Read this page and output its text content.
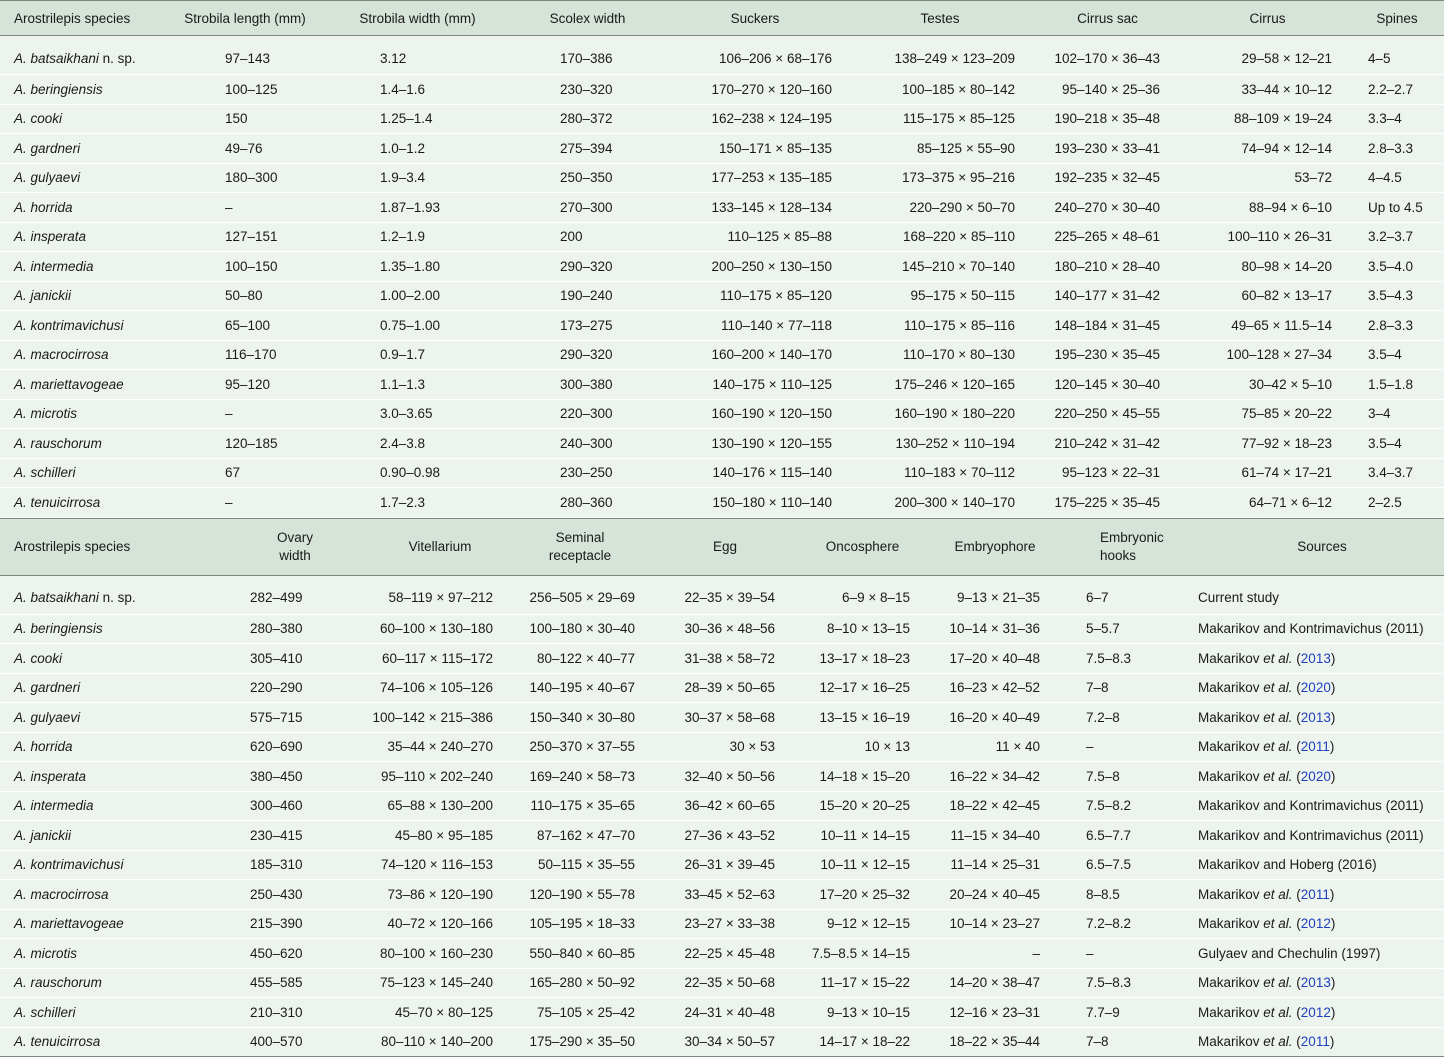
Arostrilepis species	Strobila length (mm)	Strobila width (mm)	Scolex width	Suckers	Testes	Cirrus sac	Cirrus	Spines
A. batsaikhani n. sp.	97–143	3.12	170–386	106–206 × 68–176	138–249 × 123–209	102–170 × 36–43	29–58 × 12–21	4–5
A. beringiensis	100–125	1.4–1.6	230–320	170–270 × 120–160	100–185 × 80–142	95–140 × 25–36	33–44 × 10–12	2.2–2.7
A. cooki	150	1.25–1.4	280–372	162–238 × 124–195	115–175 × 85–125	190–218 × 35–48	88–109 × 19–24	3.3–4
A. gardneri	49–76	1.0–1.2	275–394	150–171 × 85–135	85–125 × 55–90	193–230 × 33–41	74–94 × 12–14	2.8–3.3
A. gulyaevi	180–300	1.9–3.4	250–350	177–253 × 135–185	173–375 × 95–216	192–235 × 32–45	53–72	4–4.5
A. horrida	–	1.87–1.93	270–300	133–145 × 128–134	220–290 × 50–70	240–270 × 30–40	88–94 × 6–10	Up to 4.5
A. insperata	127–151	1.2–1.9	200	110–125 × 85–88	168–220 × 85–110	225–265 × 48–61	100–110 × 26–31	3.2–3.7
A. intermedia	100–150	1.35–1.80	290–320	200–250 × 130–150	145–210 × 70–140	180–210 × 28–40	80–98 × 14–20	3.5–4.0
A. janickii	50–80	1.00–2.00	190–240	110–175 × 85–120	95–175 × 50–115	140–177 × 31–42	60–82 × 13–17	3.5–4.3
A. kontrimavichusi	65–100	0.75–1.00	173–275	110–140 × 77–118	110–175 × 85–116	148–184 × 31–45	49–65 × 11.5–14	2.8–3.3
A. macrocirrosa	116–170	0.9–1.7	290–320	160–200 × 140–170	110–170 × 80–130	195–230 × 35–45	100–128 × 27–34	3.5–4
A. mariettavogeae	95–120	1.1–1.3	300–380	140–175 × 110–125	175–246 × 120–165	120–145 × 30–40	30–42 × 5–10	1.5–1.8
A. microtis	–	3.0–3.65	220–300	160–190 × 120–150	160–190 × 180–220	220–250 × 45–55	75–85 × 20–22	3–4
A. rauschorum	120–185	2.4–3.8	240–300	130–190 × 120–155	130–252 × 110–194	210–242 × 31–42	77–92 × 18–23	3.5–4
A. schilleri	67	0.90–0.98	230–250	140–176 × 115–140	110–183 × 70–112	95–123 × 22–31	61–74 × 17–21	3.4–3.7
A. tenuicirrosa	–	1.7–2.3	280–360	150–180 × 110–140	200–300 × 140–170	175–225 × 35–45	64–71 × 6–12	2–2.5
Arostrilepis species	Ovary width	Vitellarium	Seminal receptacle	Egg	Oncosphere	Embryophore	Embryonic hooks	Sources
A. batsaikhani n. sp.	282–499	58–119 × 97–212	256–505 × 29–69	22–35 × 39–54	6–9 × 8–15	9–13 × 21–35	6–7	Current study
A. beringiensis	280–380	60–100 × 130–180	100–180 × 30–40	30–36 × 48–56	8–10 × 13–15	10–14 × 31–36	5–5.7	Makarikov and Kontrimavichus (2011)
A. cooki	305–410	60–117 × 115–172	80–122 × 40–77	31–38 × 58–72	13–17 × 18–23	17–20 × 40–48	7.5–8.3	Makarikov et al. (2013)
A. gardneri	220–290	74–106 × 105–126	140–195 × 40–67	28–39 × 50–65	12–17 × 16–25	16–23 × 42–52	7–8	Makarikov et al. (2020)
A. gulyaevi	575–715	100–142 × 215–386	150–340 × 30–80	30–37 × 58–68	13–15 × 16–19	16–20 × 40–49	7.2–8	Makarikov et al. (2013)
A. horrida	620–690	35–44 × 240–270	250–370 × 37–55	30 × 53	10 × 13	11 × 40	–	Makarikov et al. (2011)
A. insperata	380–450	95–110 × 202–240	169–240 × 58–73	32–40 × 50–56	14–18 × 15–20	16–22 × 34–42	7.5–8	Makarikov et al. (2020)
A. intermedia	300–460	65–88 × 130–200	110–175 × 35–65	36–42 × 60–65	15–20 × 20–25	18–22 × 42–45	7.5–8.2	Makarikov and Kontrimavichus (2011)
A. janickii	230–415	45–80 × 95–185	87–162 × 47–70	27–36 × 43–52	10–11 × 14–15	11–15 × 34–40	6.5–7.7	Makarikov and Kontrimavichus (2011)
A. kontrimavichusi	185–310	74–120 × 116–153	50–115 × 35–55	26–31 × 39–45	10–11 × 12–15	11–14 × 25–31	6.5–7.5	Makarikov and Hoberg (2016)
A. macrocirrosa	250–430	73–86 × 120–190	120–190 × 55–78	33–45 × 52–63	17–20 × 25–32	20–24 × 40–45	8–8.5	Makarikov et al. (2011)
A. mariettavogeae	215–390	40–72 × 120–166	105–195 × 18–33	23–27 × 33–38	9–12 × 12–15	10–14 × 23–27	7.2–8.2	Makarikov et al. (2012)
A. microtis	450–620	80–100 × 160–230	550–840 × 60–85	22–25 × 45–48	7.5–8.5 × 14–15	–	–	Gulyaev and Chechulin (1997)
A. rauschorum	455–585	75–123 × 145–240	165–280 × 50–92	22–35 × 50–68	11–17 × 15–22	14–20 × 38–47	7.5–8.3	Makarikov et al. (2013)
A. schilleri	210–310	45–70 × 80–125	75–105 × 25–42	24–31 × 40–48	9–13 × 10–15	12–16 × 23–31	7.7–9	Makarikov et al. (2012)
A. tenuicirrosa	400–570	80–110 × 140–200	175–290 × 35–50	30–34 × 50–57	14–17 × 18–22	18–22 × 35–44	7–8	Makarikov et al. (2011)
